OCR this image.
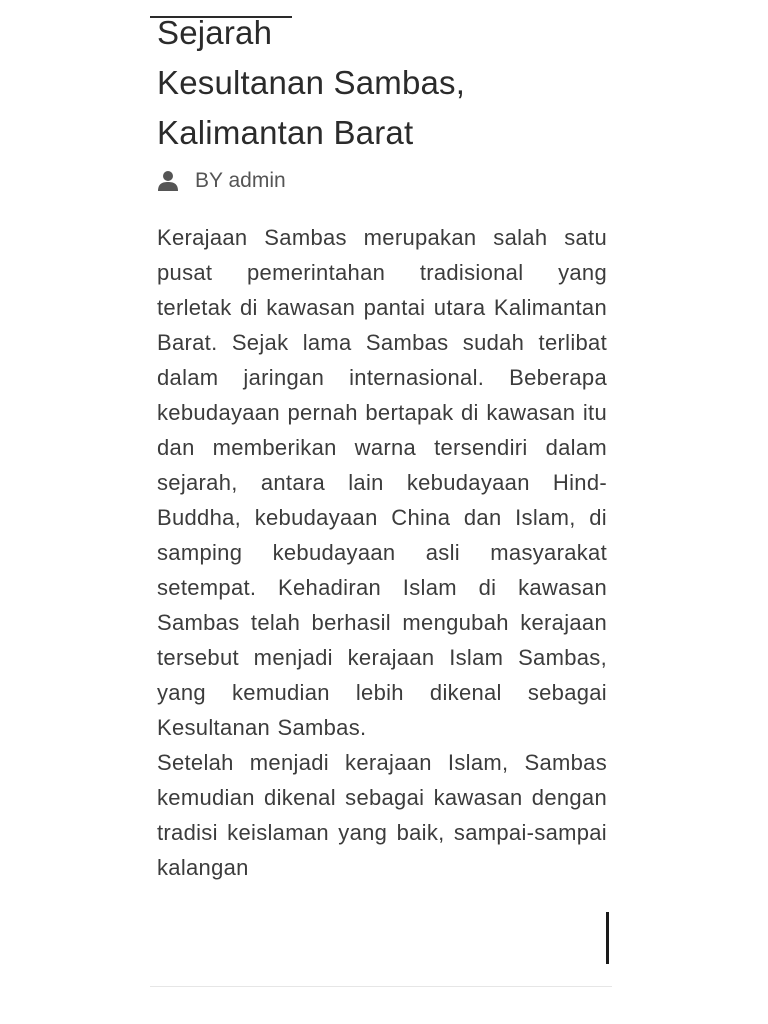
Sejarah
Kesultanan Sambas,
Kalimantan Barat
BY admin

Kerajaan Sambas merupakan salah satu pusat pemerintahan tradisional yang terletak di kawasan pantai utara Kalimantan Barat. Sejak lama Sambas sudah terlibat dalam jaringan internasional. Beberapa kebudayaan pernah bertapak di kawasan itu dan memberikan warna tersendiri dalam sejarah, antara lain kebudayaan Hind-Buddha, kebudayaan China dan Islam, di samping kebudayaan asli masyarakat setempat. Kehadiran Islam di kawasan Sambas telah berhasil mengubah kerajaan tersebut menjadi kerajaan Islam Sambas, yang kemudian lebih dikenal sebagai Kesultanan Sambas.

Setelah menjadi kerajaan Islam, Sambas kemudian dikenal sebagai kawasan dengan tradisi keislaman yang baik, sampai-sampai kalangan
